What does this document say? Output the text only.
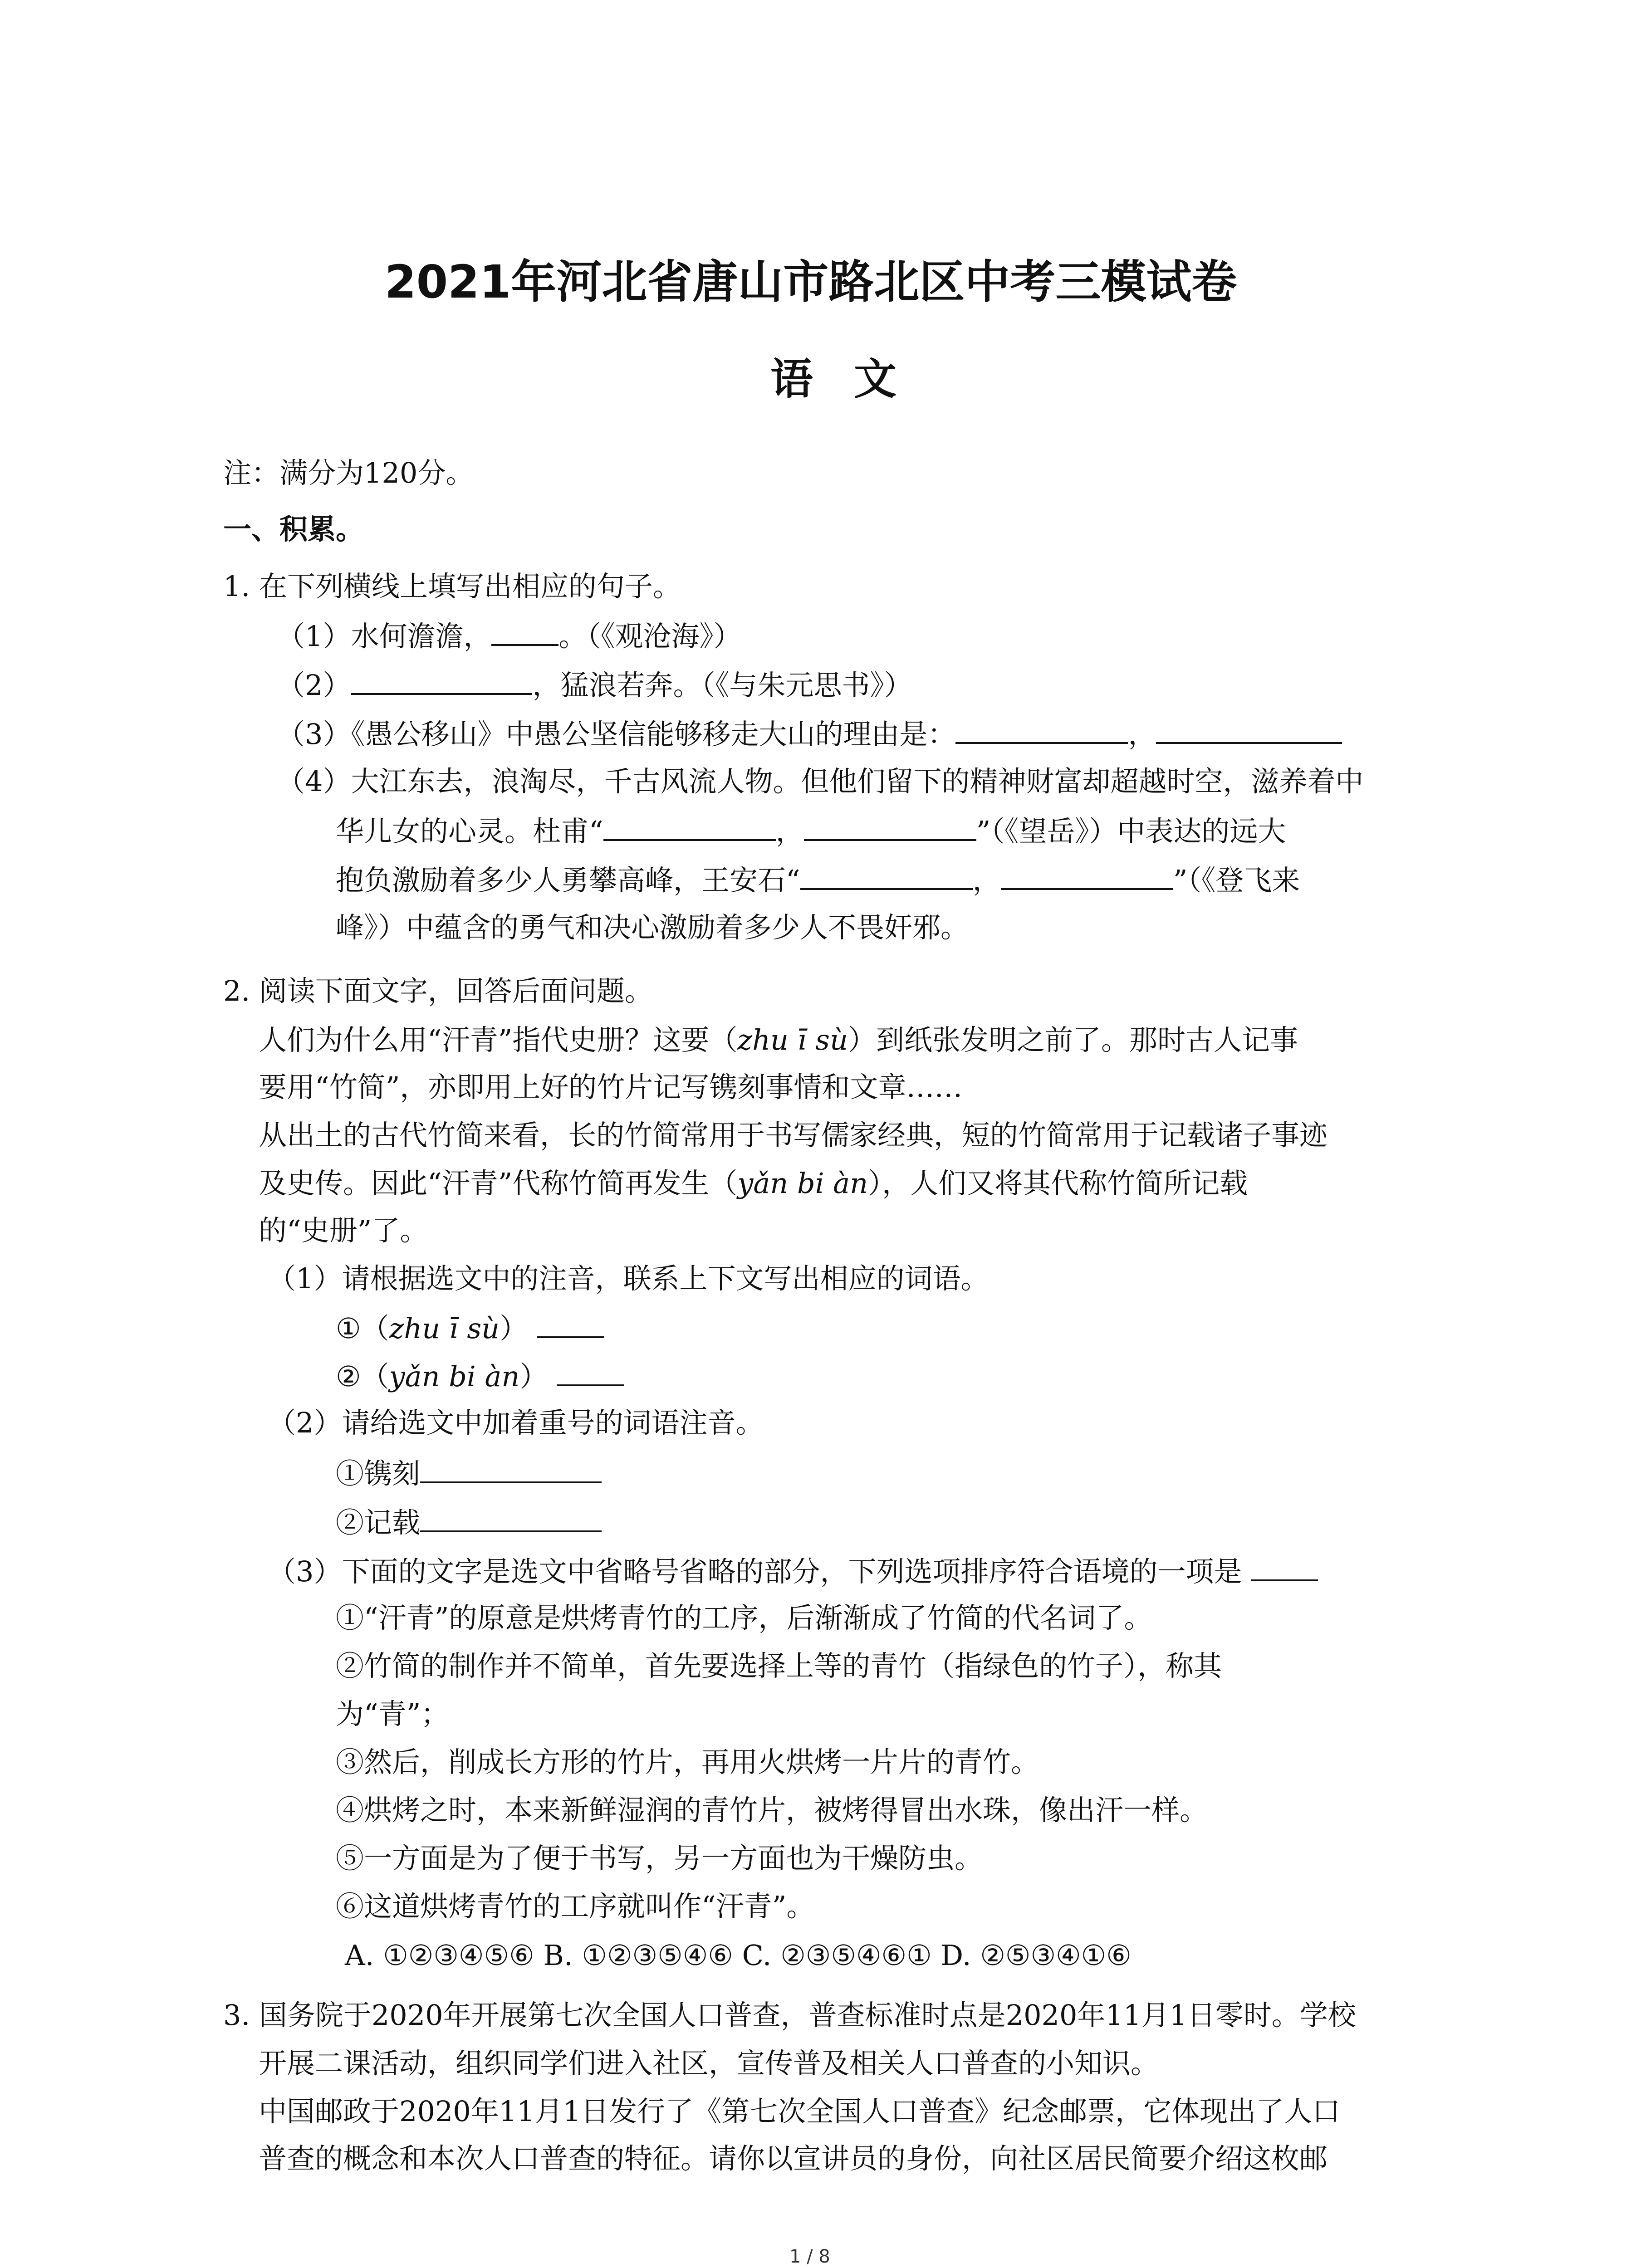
2021年河北省唐山市路北区中考三模试卷
语文
注：满分为120分。
一、积累。
1. 在下列横线上填写出相应的句子。
（1）水何澹澹， 。（《观沧海》）
（2）	，猛浪若奔。（《与朱元思书》）
（3）《愚公移山》中愚公坚信能够移走大山的理由是：	，
（4）大江东去，浪淘尽，千古风流人物。但他们留下的精神财富却超越时空，滋养着中
华儿女的心灵。杜甫“	，	”（《望岳》）中表达的远大
抱负激励着多少人勇攀高峰，王安石“	，	”（《登飞来
峰》）中蕴含的勇气和决心激励着多少人不畏奸邪。
2. 阅读下面文字，回答后面问题。
人们为什么用“汗青”指代史册？这要（zhu ī sù）到纸张发明之前了。那时古人记事
要用“竹简”，亦即用上好的竹片记写镌刻事情和文章……
从出土的古代竹简来看，长的竹简常用于书写儒家经典，短的竹简常用于记载诸子事迹
及史传。因此“汗青”代称竹简再发生（yǎn bi àn），人们又将其代称竹简所记载
的“史册”了。
（1）请根据选文中的注音，联系上下文写出相应的词语。
①（zhu ī sù）
②（yǎn bi àn）
（2）请给选文中加着重号的词语注音。
①镌刻
②记载
（3）下面的文字是选文中省略号省略的部分，下列选项排序符合语境的一项是
①“汗青”的原意是烘烤青竹的工序，后渐渐成了竹简的代名词了。
②竹简的制作并不简单，首先要选择上等的青竹（指绿色的竹子），称其
为“青”；
③然后，削成长方形的竹片，再用火烘烤一片片的青竹。
④烘烤之时，本来新鲜湿润的青竹片，被烤得冒出水珠，像出汗一样。
⑤一方面是为了便于书写，另一方面也为干燥防虫。
⑥这道烘烤青竹的工序就叫作“汗青”。
A. ①②③④⑤⑥ B. ①②③⑤④⑥ C. ②③⑤④⑥① D. ②⑤③④①⑥
3. 国务院于2020年开展第七次全国人口普查，普查标准时点是2020年11月1日零时。学校
开展二课活动，组织同学们进入社区，宣传普及相关人口普查的小知识。
中国邮政于2020年11月1日发行了《第七次全国人口普查》纪念邮票，它体现出了人口
普查的概念和本次人口普查的特征。请你以宣讲员的身份，向社区居民简要介绍这枚邮
1 / 8
